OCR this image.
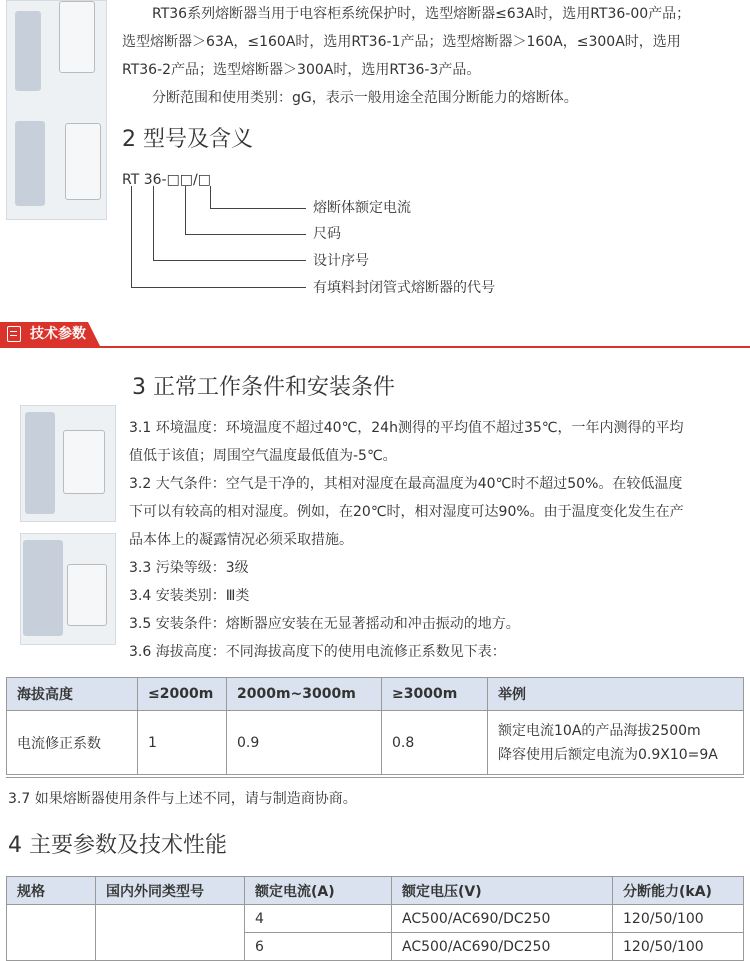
RT36系列熔断器当用于电容柜系统保护时，选型熔断器≤63A时，选用RT36-00产品；
选型熔断器＞63A，≤160A时，选用RT36-1产品；选型熔断器＞160A，≤300A时，选用
RT36-2产品；选型熔断器＞300A时，选用RT36-3产品。
分断范围和使用类别：gG，表示一般用途全范围分断能力的熔断体。
2 型号及含义
RT 36-□□/□
熔断体额定电流
尺码
设计序号
有填料封闭管式熔断器的代号
技术参数
3 正常工作条件和安装条件
3.1 环境温度：环境温度不超过40℃，24h测得的平均值不超过35℃，一年内测得的平均
值低于该值；周围空气温度最低值为-5℃。
3.2 大气条件：空气是干净的，其相对湿度在最高温度为40℃时不超过50%。在较低温度
下可以有较高的相对湿度。例如，在20℃时，相对湿度可达90%。由于温度变化发生在产
品本体上的凝露情况必须采取措施。
3.3 污染等级：3级
3.4 安装类别：Ⅲ类
3.5 安装条件：熔断器应安装在无显著摇动和冲击振动的地方。
3.6 海拔高度：不同海拔高度下的使用电流修正系数见下表：
海拔高度	≤2000m	2000m~3000m	≥3000m	举例
电流修正系数	1	0.9	0.8	额定电流10A的产品海拔2500m
降容使用后额定电流为0.9X10=9A
3.7 如果熔断器使用条件与上述不同，请与制造商协商。
4 主要参数及技术性能
规格	国内外同类型号	额定电流(A)	额定电压(V)	分断能力(kA)
		4	AC500/AC690/DC250	120/50/100
		6	AC500/AC690/DC250	120/50/100
